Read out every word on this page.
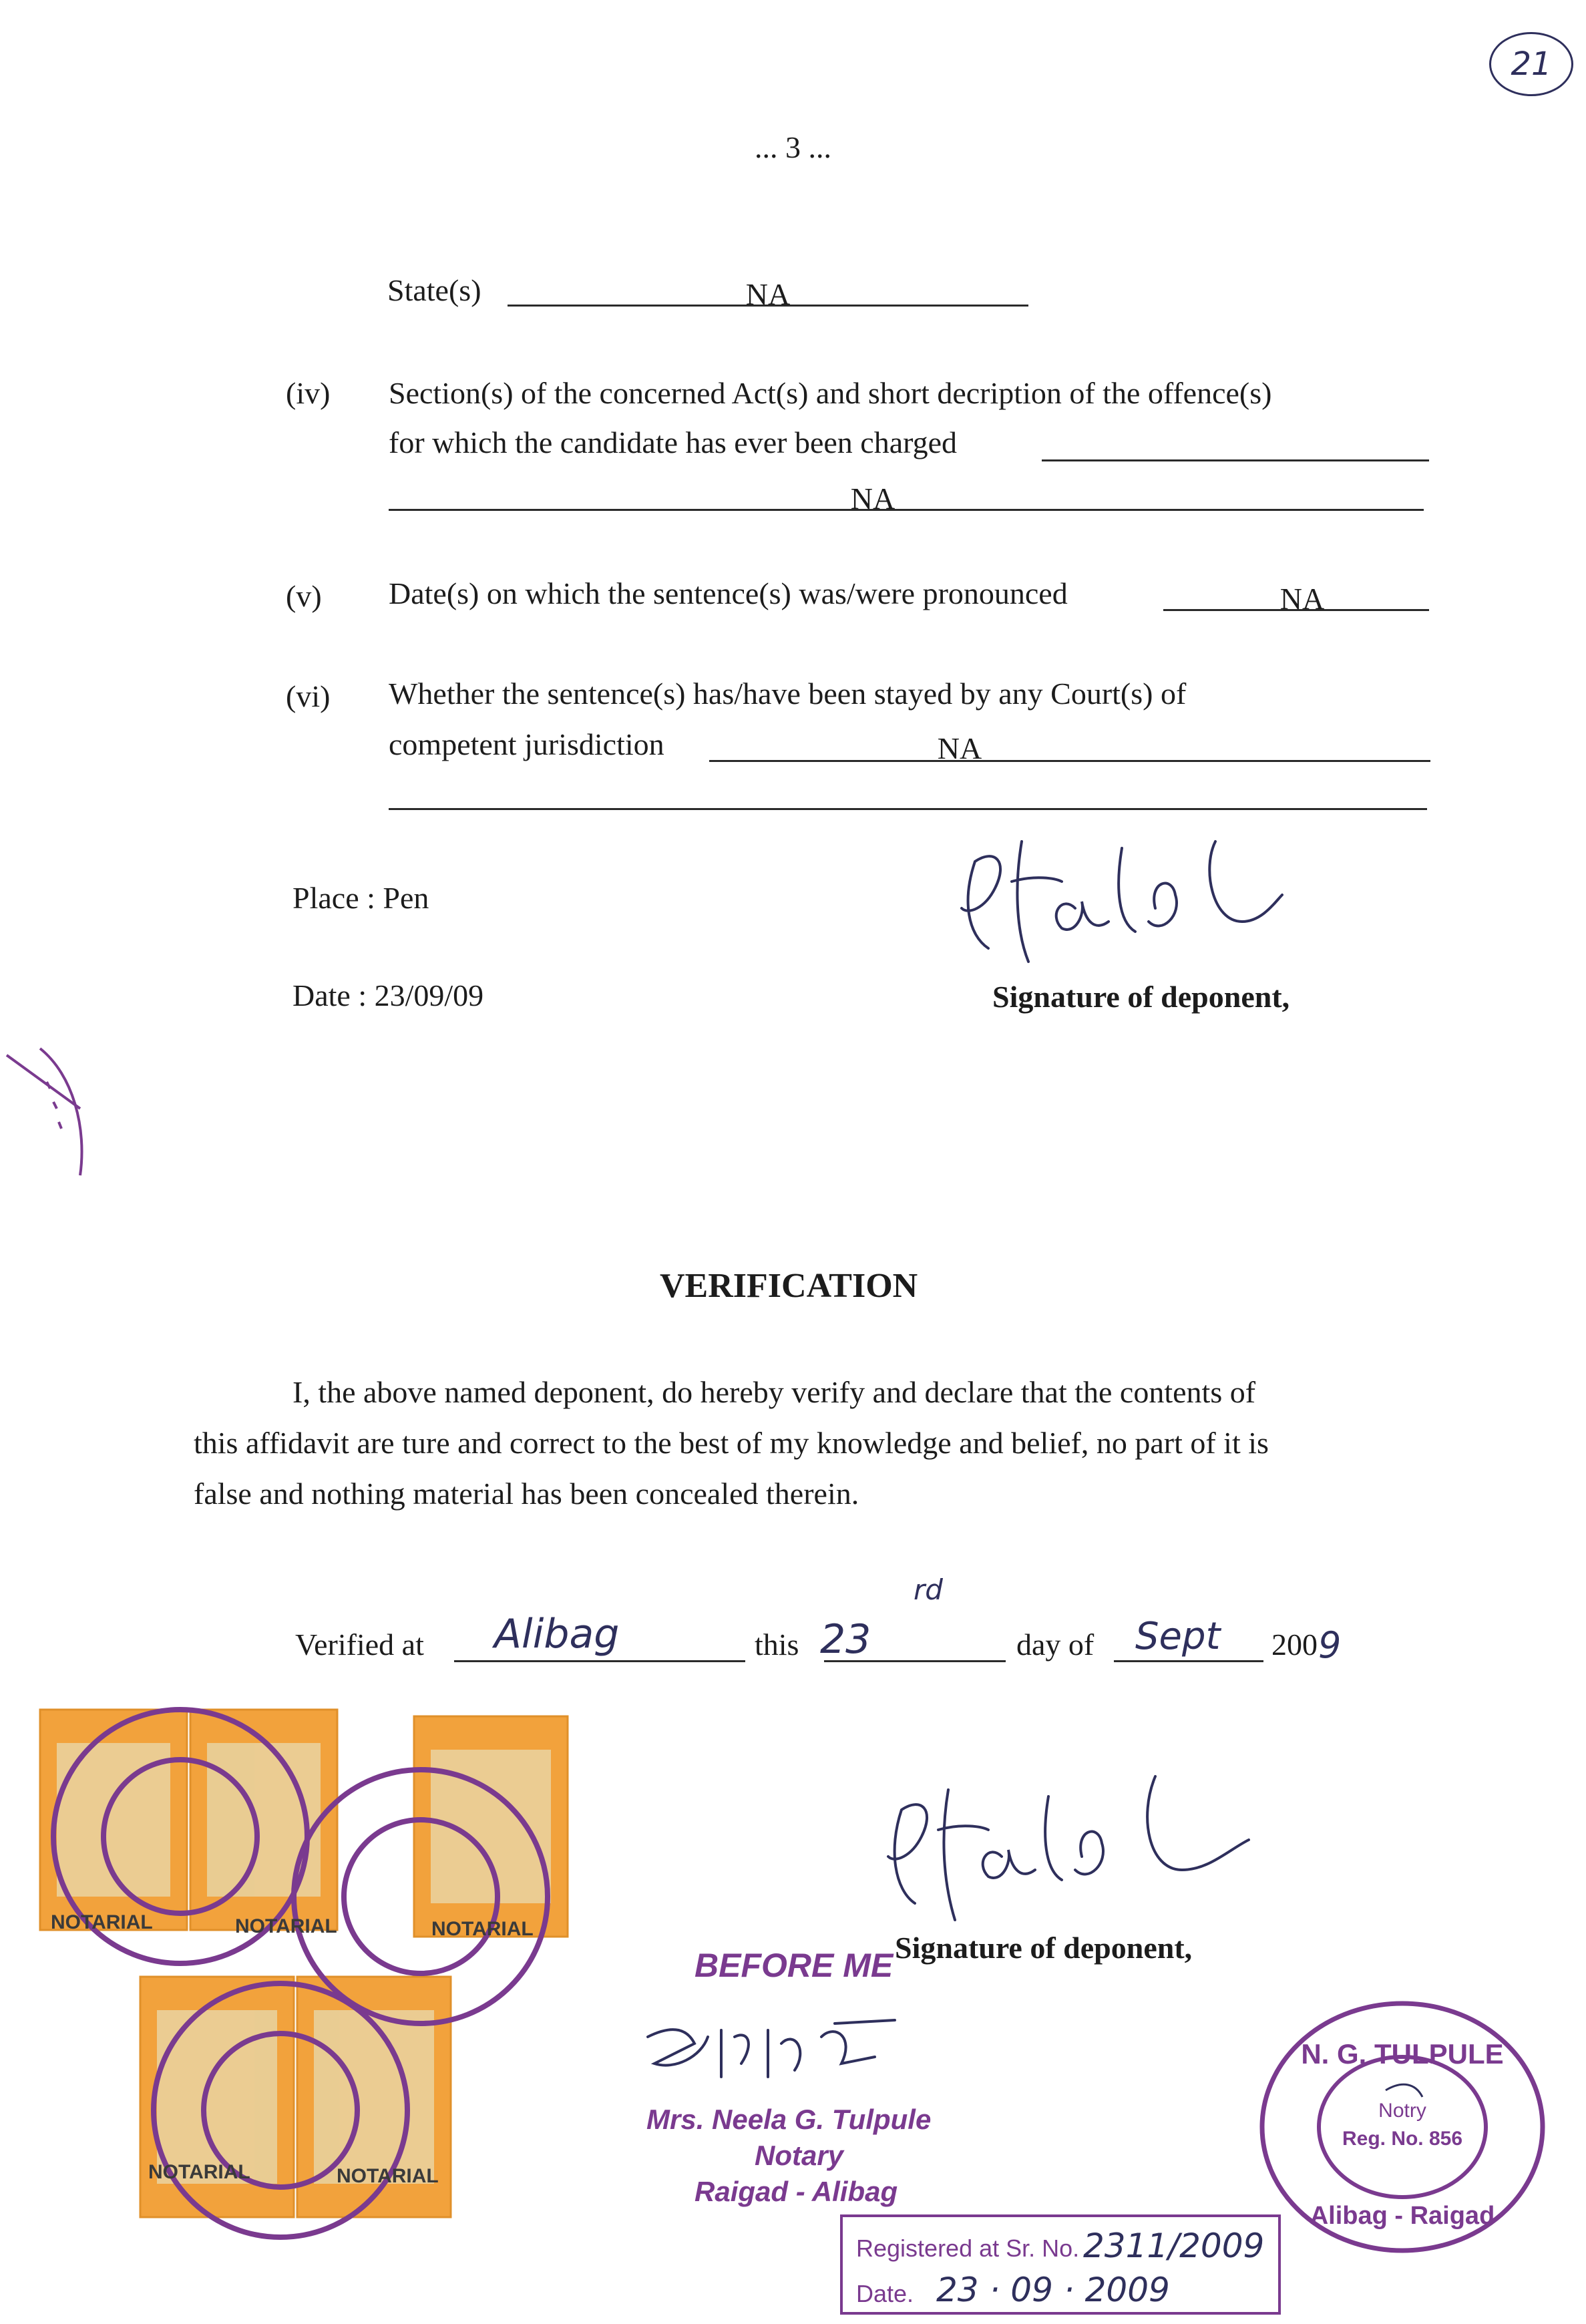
21
... 3 ...
State(s)	NA
(iv) Section(s) of the concerned Act(s) and short decription of the offence(s)
for which the candidate has ever been charged
NA
(v) Date(s) on which the sentence(s) was/were pronounced	NA
(vi) Whether the sentence(s) has/have been stayed by any Court(s) of
competent jurisdiction	NA
Place : Pen
Date : 23/09/09	Signature of deponent,
VERIFICATION
I, the above named deponent, do hereby verify and declare that the contents of
this affidavit are ture and correct to the best of my knowledge and belief, no part of it is
false and nothing material has been concealed therein.
Verified at Alibag	this 23
rd
day of Sept 200 9
NOTARIAL	NOTARIAL	NOTARIAL
NOTARIAL	NOTARIAL
Signature of deponent,
BEFORE ME
Mrs. Neela G. Tulpule
Notary
Raigad - Alibag
Registered at Sr. No. 2311/2009
Date. 23 · 09 · 2009
N. G. TULPULE
Notry
Reg. No. 856
Alibag - Raigad
